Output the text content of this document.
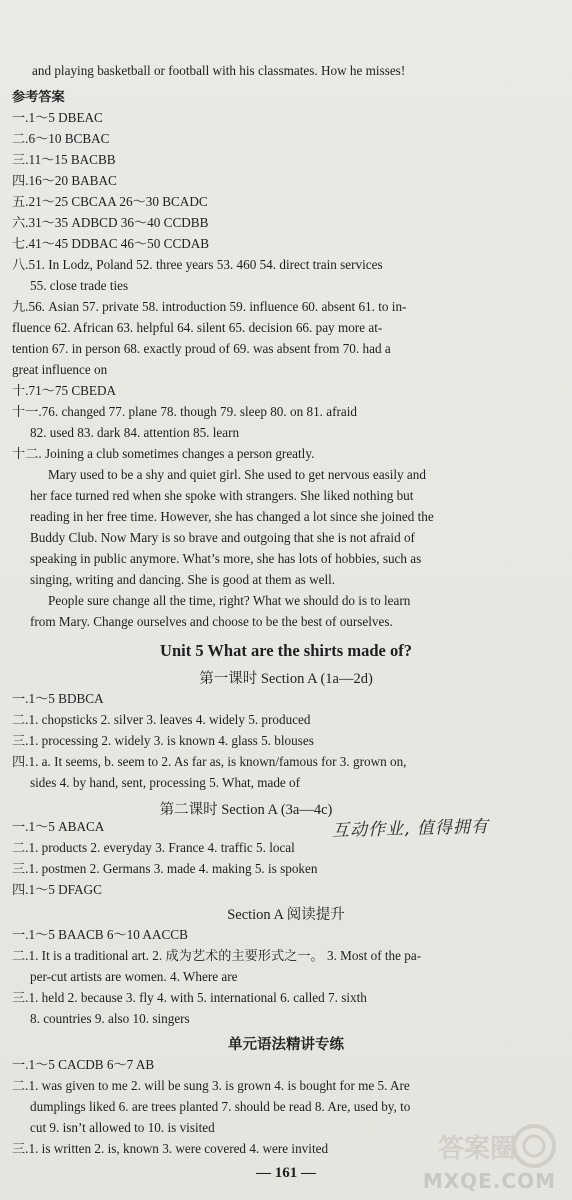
and playing basketball or football with his classmates. How he misses!
参考答案
一.1～5 DBEAC
二.6～10 BCBAC
三.11～15 BACBB
四.16～20 BABAC
五.21～25 CBCAA 26～30 BCADC
六.31～35 ADBCD 36～40 CCDBB
七.41～45 DDBAC 46～50 CCDAB
八.51. In Lodz, Poland 52. three years 53. 460 54. direct train services
55. close trade ties
九.56. Asian 57. private 58. introduction 59. influence 60. absent 61. to in-
fluence 62. African 63. helpful 64. silent 65. decision 66. pay more at-
tention 67. in person 68. exactly proud of 69. was absent from 70. had a
great influence on
十.71～75 CBEDA
十一.76. changed 77. plane 78. though 79. sleep 80. on 81. afraid
82. used 83. dark 84. attention 85. learn
十二. Joining a club sometimes changes a person greatly.
Mary used to be a shy and quiet girl. She used to get nervous easily and
her face turned red when she spoke with strangers. She liked nothing but
reading in her free time. However, she has changed a lot since she joined the
Buddy Club. Now Mary is so brave and outgoing that she is not afraid of
speaking in public anymore. What’s more, she has lots of hobbies, such as
singing, writing and dancing. She is good at them as well.
People sure change all the time, right? What we should do is to learn
from Mary. Change ourselves and choose to be the best of ourselves.
Unit 5 What are the shirts made of?
第一课时 Section A (1a—2d)
一.1～5 BDBCA
二.1. chopsticks 2. silver 3. leaves 4. widely 5. produced
三.1. processing 2. widely 3. is known 4. glass 5. blouses
四.1. a. It seems, b. seem to 2. As far as, is known/famous for 3. grown on,
sides 4. by hand, sent, processing 5. What, made of
第二课时 Section A (3a—4c)
互动作业, 值得拥有
一.1～5 ABACA
二.1. products 2. everyday 3. France 4. traffic 5. local
三.1. postmen 2. Germans 3. made 4. making 5. is spoken
四.1～5 DFAGC
Section A 阅读提升
一.1～5 BAACB 6～10 AACCB
二.1. It is a traditional art. 2. 成为艺术的主要形式之一。 3. Most of the pa-
per-cut artists are women. 4. Where are
三.1. held 2. because 3. fly 4. with 5. international 6. called 7. sixth
8. countries 9. also 10. singers
单元语法精讲专练
一.1～5 CACDB 6～7 AB
二.1. was given to me 2. will be sung 3. is grown 4. is bought for me 5. Are
dumplings liked 6. are trees planted 7. should be read 8. Are, used by, to
cut 9. isn’t allowed to 10. is visited
三.1. is written 2. is, known 3. were covered 4. were invited
— 161 —
答案圈
MXQE.COM
